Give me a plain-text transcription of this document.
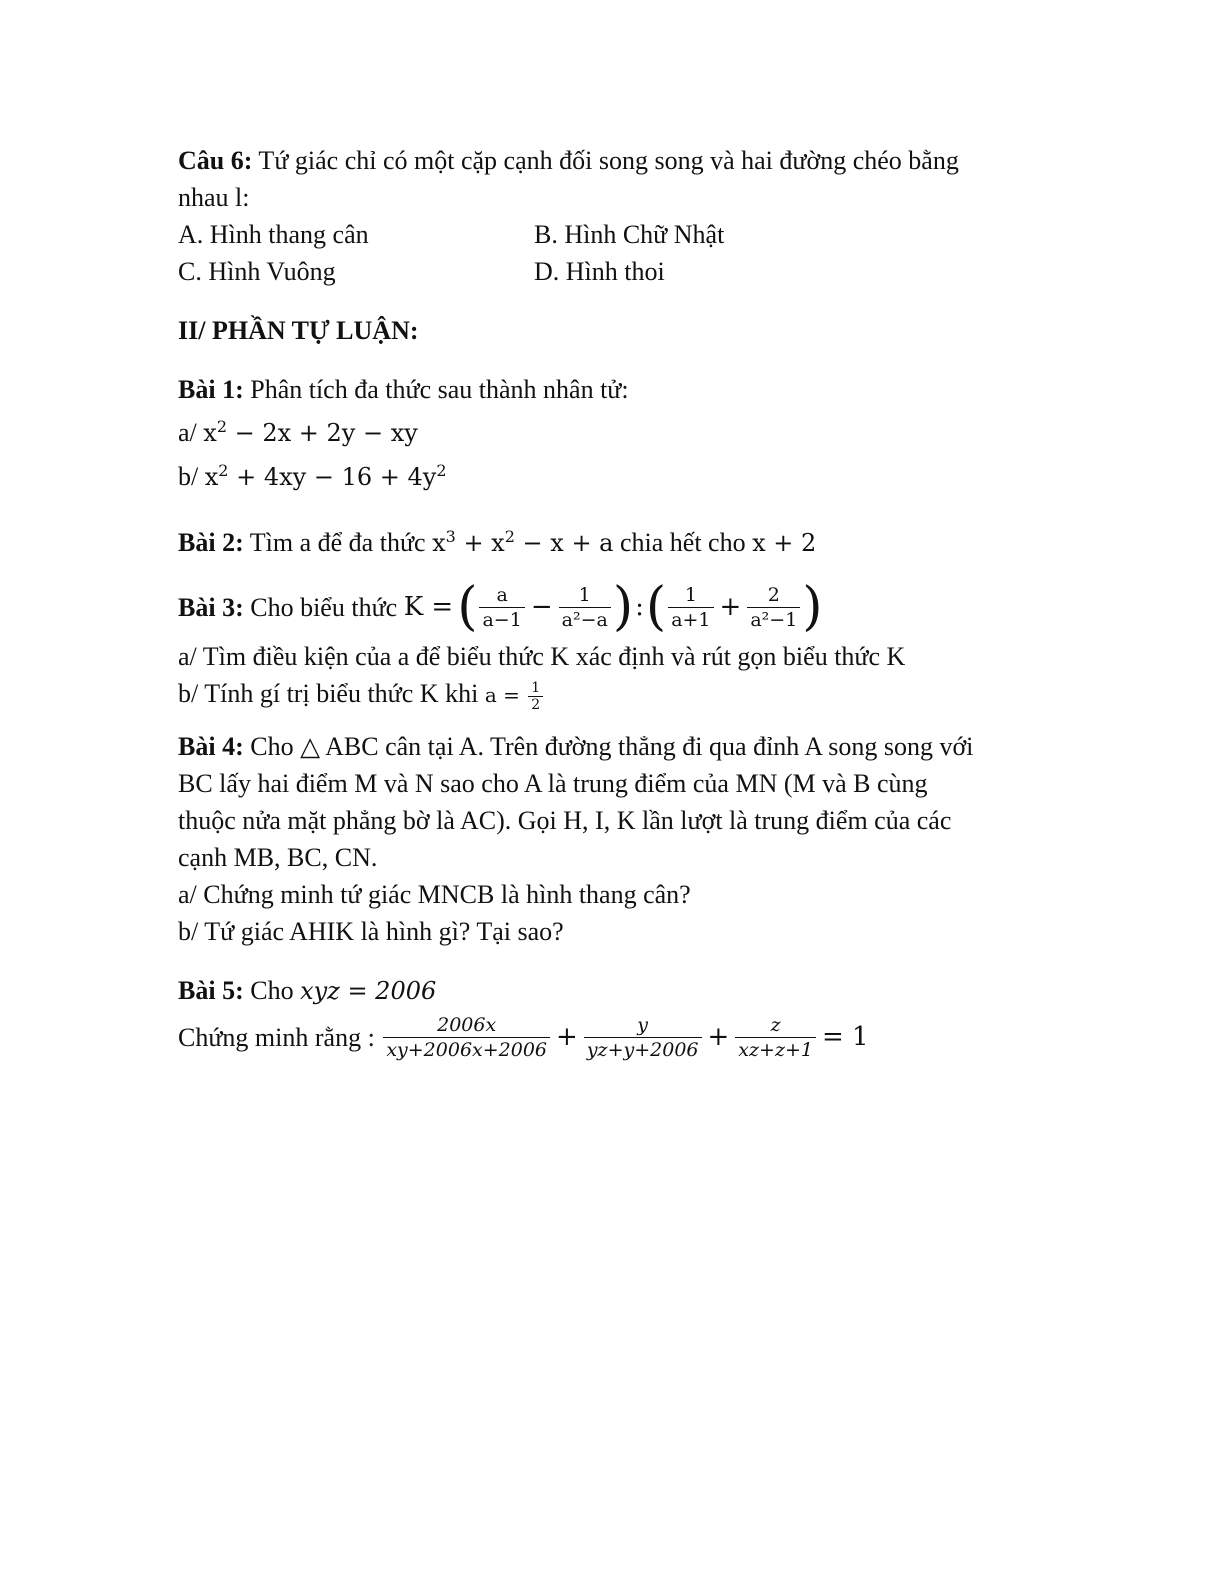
Câu 6: Tứ giác chỉ có một cặp cạnh đối song song và hai đường chéo bằng
nhau l:
A. Hình thang cân	B. Hình Chữ Nhật
C. Hình Vuông	D. Hình thoi
II/ PHẦN TỰ LUẬN:
Bài 1: Phân tích đa thức sau thành nhân tử:
a/ $x^2 - 2x + 2y$ − xy
b/ $x^2 + 4xy - 16 + 4y^2$
Bài 2: Tìm a để đa thức $x^3 + x^2 - x + a$ chia hết cho x + 2
Bài 3: Cho biểu thức K = ( $\frac{a}{a-1} - \frac{1}{\text{a²−a}}$ ) : ( $\frac{1}{a+1} + \frac{2}{\text{a²−1}}$ )
a/ Tìm điều kiện của a để biểu thức K xác định và rút gọn biểu thức K
b/ Tính gí trị biểu thức K khi $a = \frac{1}{2}$
Bài 4: Cho △ ABC cân tại A. Trên đường thẳng đi qua đỉnh A song song với
BC lấy hai điểm M và N sao cho A là trung điểm của MN (M và B cùng
thuộc nửa mặt phẳng bờ là AC). Gọi H, I, K lần lượt là trung điểm của các
cạnh MB, BC, CN.
a/ Chứng minh tứ giác MNCB là hình thang cân?
b/ Tứ giác AHIK là hình gì? Tại sao?
Bài 5: Cho xyz = 2006
Chứng minh rằng : $\frac{2006x}{xy+2006x+2006} + \frac{y}{yz+y+2006} + \frac{z}{xz+z+1} = 1$
